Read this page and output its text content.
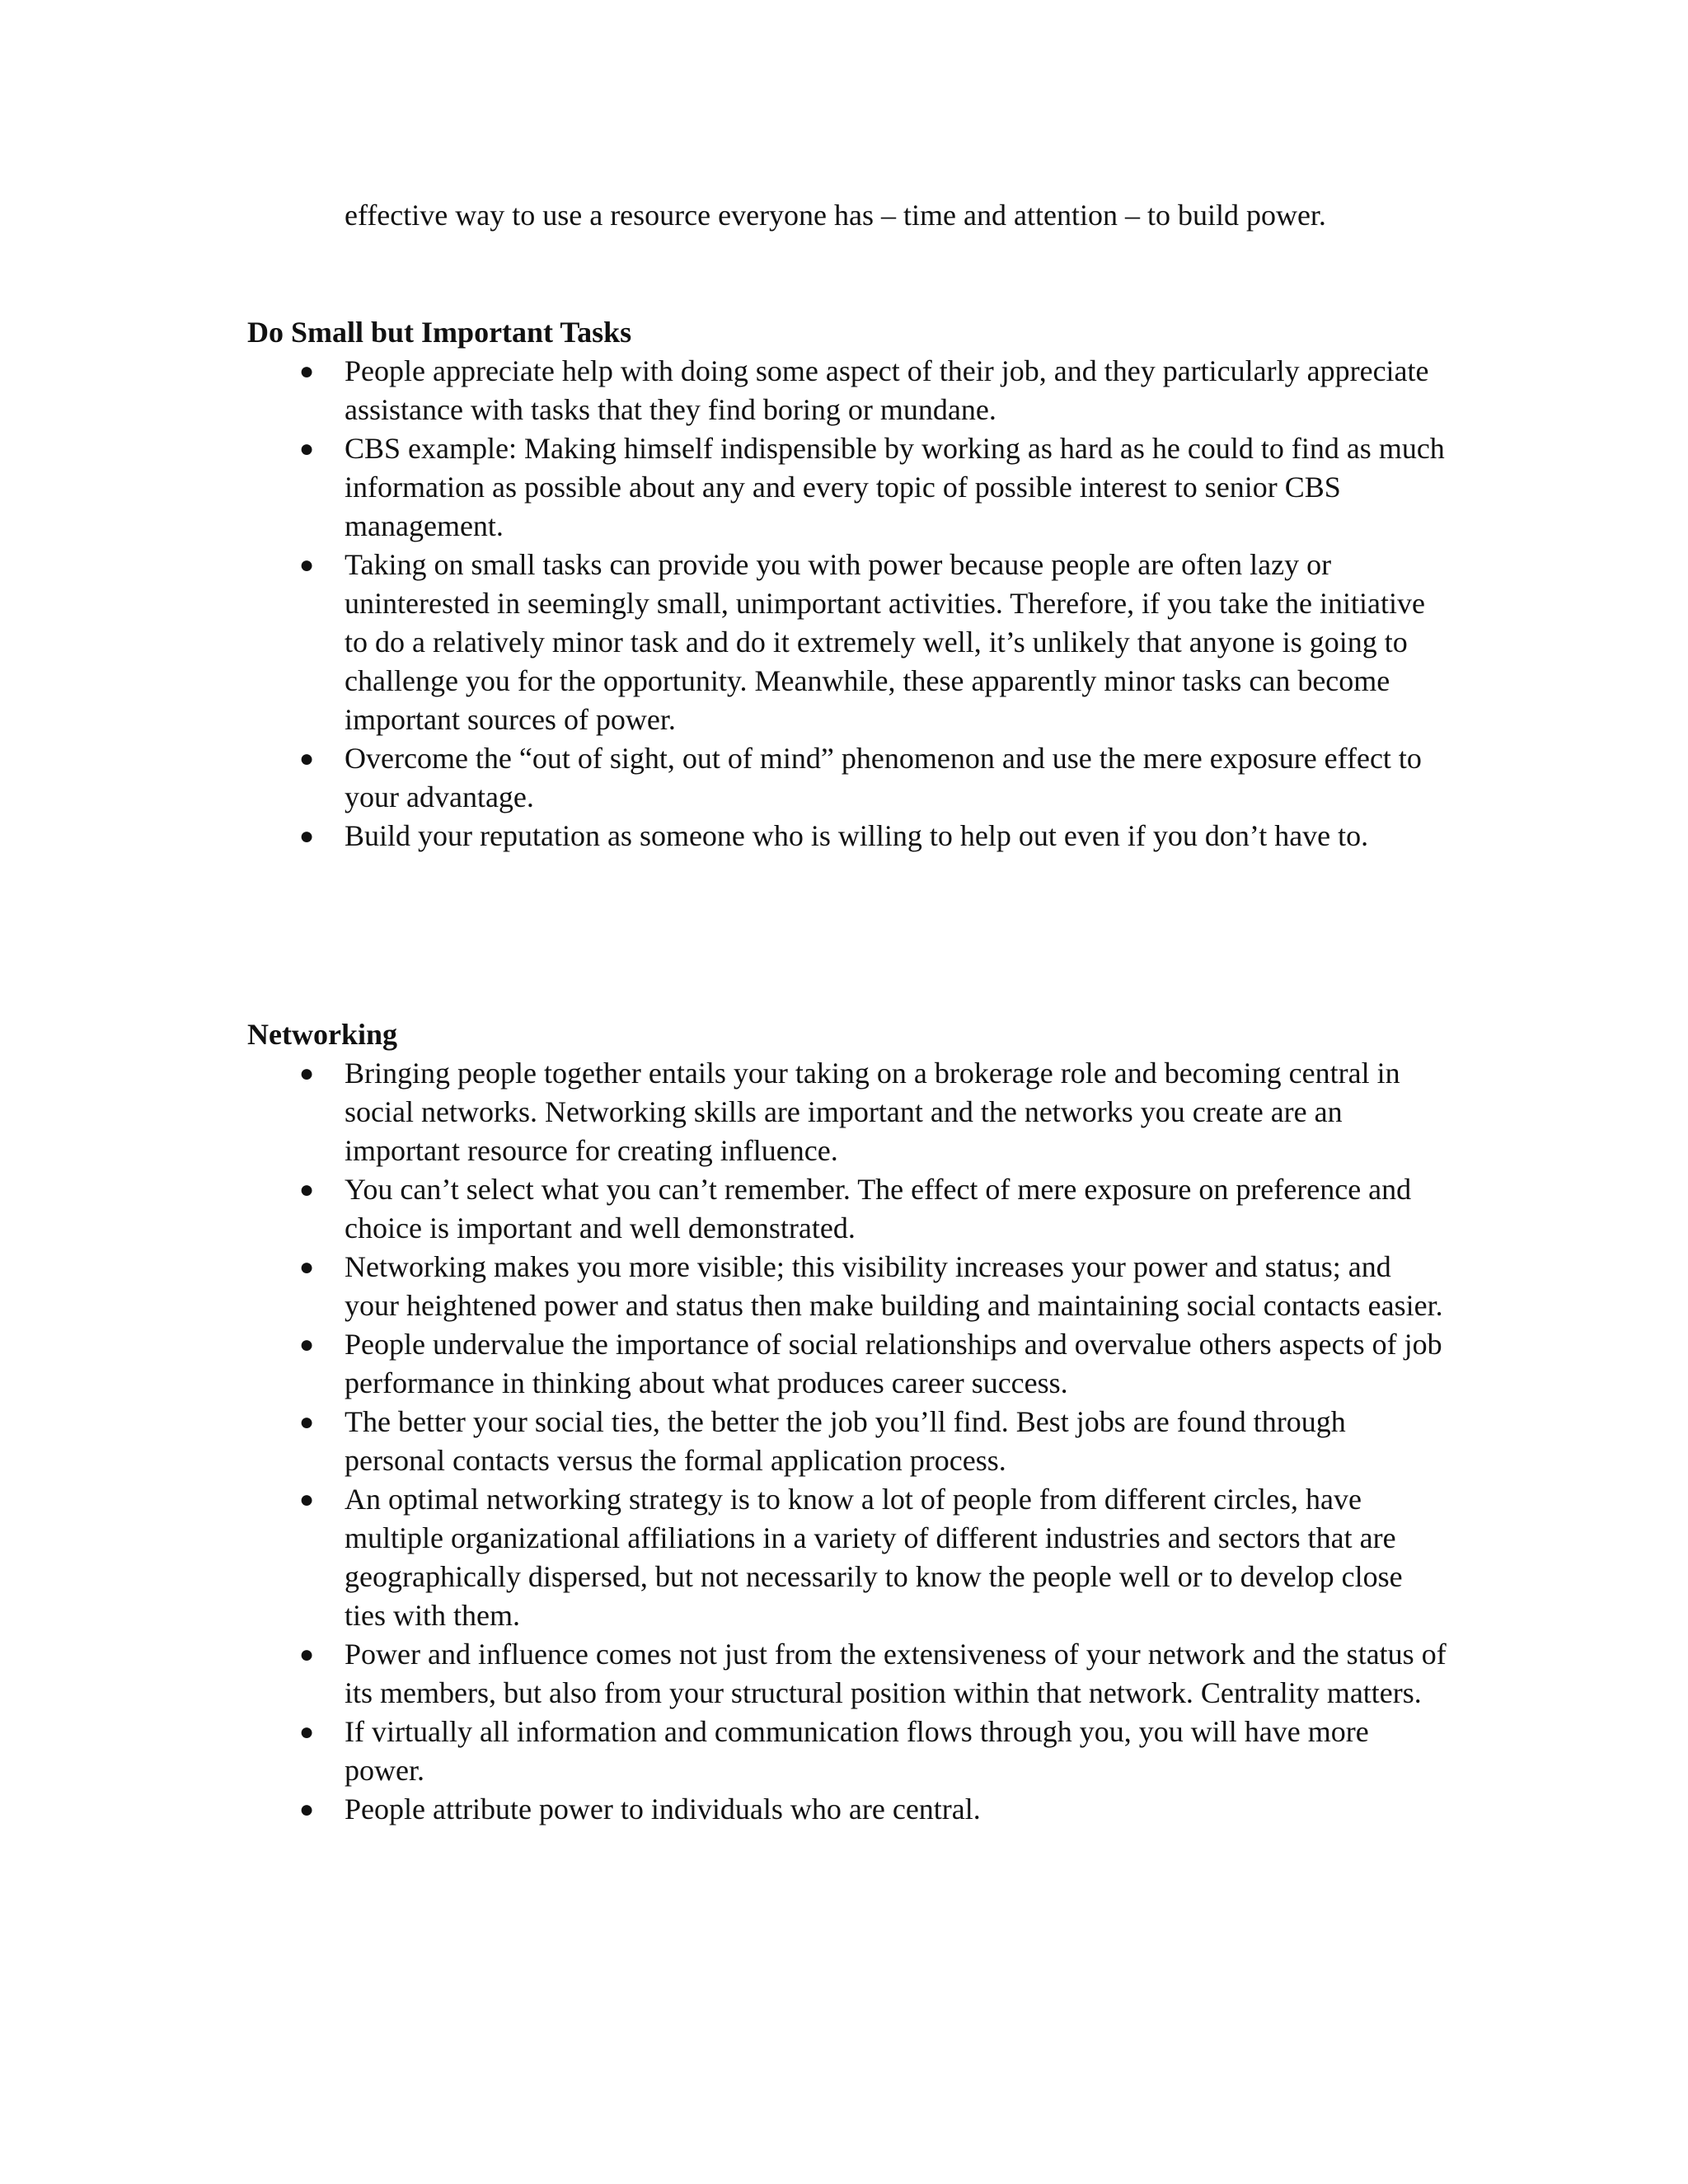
effective way to use a resource everyone has – time and attention – to build power.

Do Small but Important Tasks
● People appreciate help with doing some aspect of their job, and they particularly appreciate assistance with tasks that they find boring or mundane.
● CBS example: Making himself indispensible by working as hard as he could to find as much information as possible about any and every topic of possible interest to senior CBS management.
● Taking on small tasks can provide you with power because people are often lazy or uninterested in seemingly small, unimportant activities. Therefore, if you take the initiative to do a relatively minor task and do it extremely well, it’s unlikely that anyone is going to challenge you for the opportunity. Meanwhile, these apparently minor tasks can become important sources of power.
● Overcome the “out of sight, out of mind” phenomenon and use the mere exposure effect to your advantage.
● Build your reputation as someone who is willing to help out even if you don’t have to.
Networking
● Bringing people together entails your taking on a brokerage role and becoming central in social networks. Networking skills are important and the networks you create are an important resource for creating influence.
● You can’t select what you can’t remember. The effect of mere exposure on preference and choice is important and well demonstrated.
● Networking makes you more visible; this visibility increases your power and status; and your heightened power and status then make building and maintaining social contacts easier.
● People undervalue the importance of social relationships and overvalue others aspects of job performance in thinking about what produces career success.
● The better your social ties, the better the job you’ll find. Best jobs are found through personal contacts versus the formal application process.
● An optimal networking strategy is to know a lot of people from different circles, have multiple organizational affiliations in a variety of different industries and sectors that are geographically dispersed, but not necessarily to know the people well or to develop close ties with them.
● Power and influence comes not just from the extensiveness of your network and the status of its members, but also from your structural position within that network. Centrality matters.
● If virtually all information and communication flows through you, you will have more power.
● People attribute power to individuals who are central.
